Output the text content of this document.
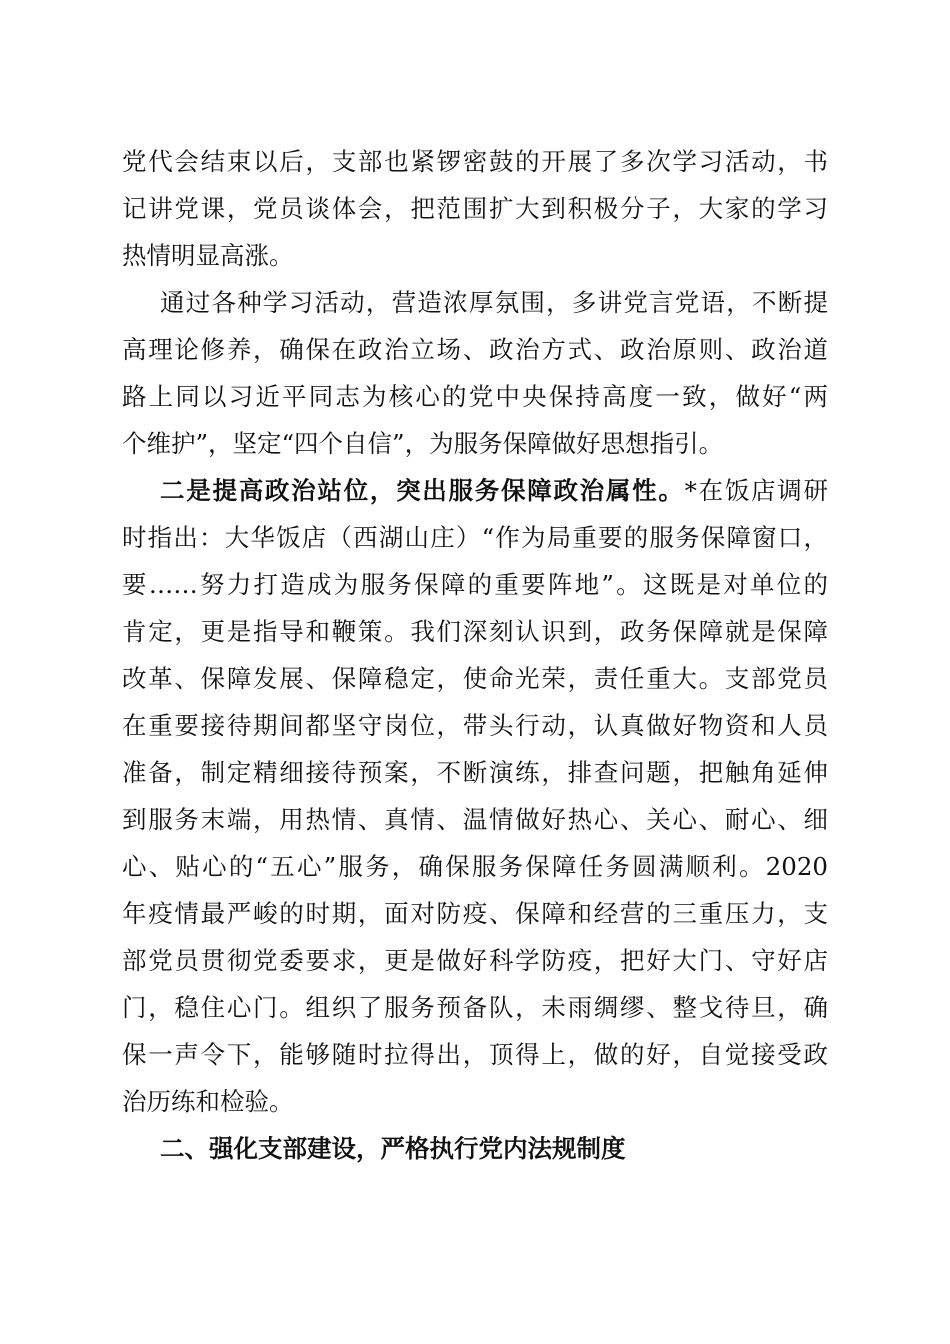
党代会结束以后，支部也紧锣密鼓的开展了多次学习活动，书
记讲党课，党员谈体会，把范围扩大到积极分子，大家的学习
热情明显高涨。
通过各种学习活动，营造浓厚氛围，多讲党言党语，不断提
高理论修养，确保在政治立场、政治方式、政治原则、政治道
路上同以习近平同志为核心的党中央保持高度一致，做好“两
个维护”，坚定“四个自信”，为服务保障做好思想指引。
二是提高政治站位，突出服务保障政治属性。*在饭店调研
时指出：大华饭店（西湖山庄）“作为局重要的服务保障窗口，
要……努力打造成为服务保障的重要阵地”。这既是对单位的
肯定，更是指导和鞭策。我们深刻认识到，政务保障就是保障
改革、保障发展、保障稳定，使命光荣，责任重大。支部党员
在重要接待期间都坚守岗位，带头行动，认真做好物资和人员
准备，制定精细接待预案，不断演练，排查问题，把触角延伸
到服务末端，用热情、真情、温情做好热心、关心、耐心、细
心、贴心的“五心”服务，确保服务保障任务圆满顺利。2020
年疫情最严峻的时期，面对防疫、保障和经营的三重压力，支
部党员贯彻党委要求，更是做好科学防疫，把好大门、守好店
门，稳住心门。组织了服务预备队，未雨绸缪、整戈待旦，确
保一声令下，能够随时拉得出，顶得上，做的好，自觉接受政
治历练和检验。
二、强化支部建设，严格执行党内法规制度
